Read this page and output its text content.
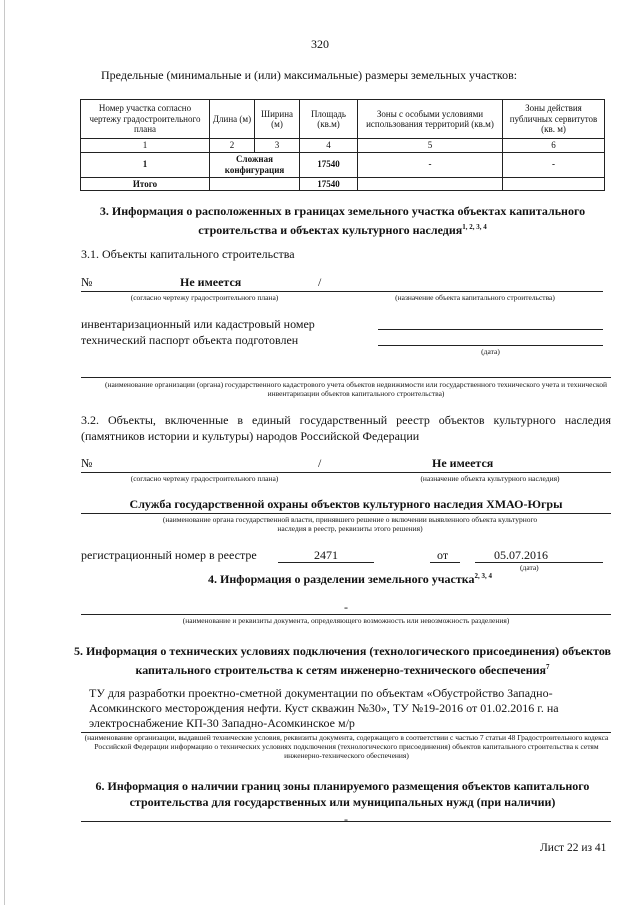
320
Предельные (минимальные и (или) максимальные) размеры земельных участков:
Номер участка согласно чертежу градостроительного плана	Длина (м)	Ширина (м)	Площадь (кв.м)	Зоны с особыми условиями использования территорий (кв.м)	Зоны действия публичных сервитутов (кв. м)
1	2	3	4	5	6
1	Сложная конфигурация		17540	-	-
Итого			17540		
3. Информация о расположенных в границах земельного участка объектах капитального строительства и объектах культурного наследия$^{1, 2, 3, 4}$
3.1. Объекты капитального строительства
№	Не имеется	/
(согласно чертежу градостроительного плана)	(назначение объекта капитального строительства)
инвентаризационный или кадастровый номер
технический паспорт объекта подготовлен
(дата)
(наименование организации (органа) государственного кадастрового учета объектов недвижимости или государственного технического учета и технической инвентаризации объектов капитального строительства)
3.2. Объекты, включенные в единый государственный реестр объектов культурного наследия (памятников истории и культуры) народов Российской Федерации
№	/	Не имеется
(согласно чертежу градостроительного плана)	(назначение объекта культурного наследия)
Служба государственной охраны объектов культурного наследия ХМАО-Югры
(наименование органа государственной власти, принявшего решение о включении выявленного объекта культурного наследия в реестр, реквизиты этого решения)
регистрационный номер в реестре	2471	от	05.07.2016
(дата)
4. Информация о разделении земельного участка$^{2, 3, 4}$
-
(наименование и реквизиты документа, определяющего возможность или невозможность разделения)
5. Информация о технических условиях подключения (технологического присоединения) объектов капитального строительства к сетям инженерно-технического обеспечения$^7$
ТУ для разработки проектно-сметной документации по объектам «Обустройство Западно-Асомкинского месторождения нефти. Куст скважин №30», ТУ №19-2016 от 01.02.2016 г. на электроснабжение КП-30 Западно-Асомкинское м/р
(наименование организации, выдавшей технические условия, реквизиты документа, содержащего в соответствии с частью 7 статьи 48 Градостроительного кодекса Российской Федерации информацию о технических условиях подключения (технологического присоединения) объектов капитального строительства к сетям инженерно-технического обеспечения)
6. Информация о наличии границ зоны планируемого размещения объектов капитального строительства для государственных или муниципальных нужд (при наличии)
-
Лист 22 из 41
